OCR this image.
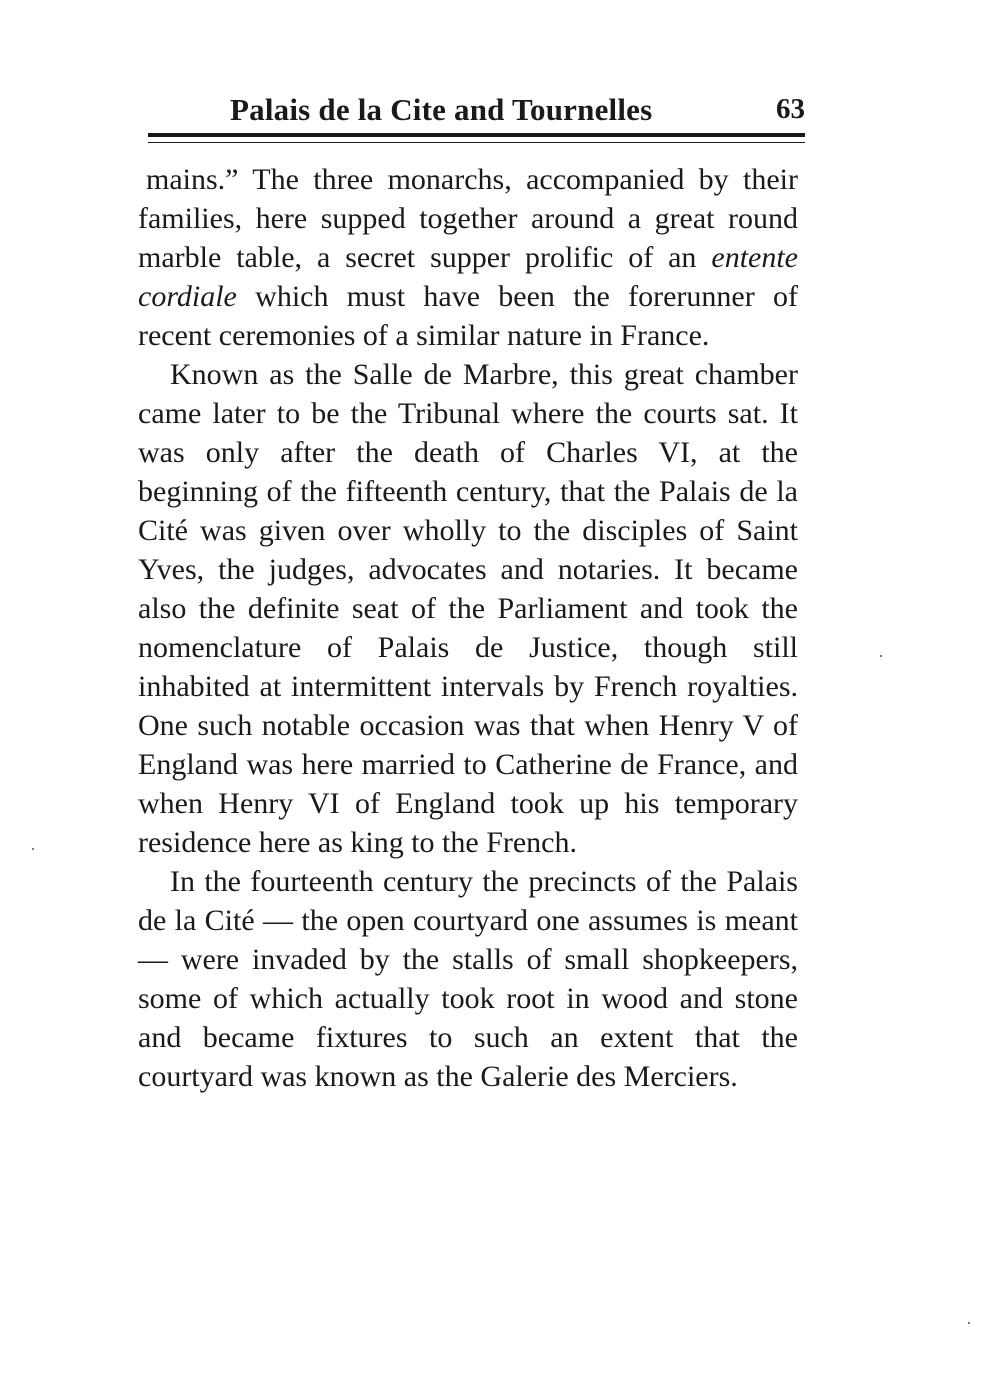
Palais de la Cite and Tournelles	63

mains.” The three monarchs, accompanied by their families, here supped together around a great round marble table, a secret supper prolific of an entente cordiale which must have been the forerunner of recent ceremonies of a similar nature in France.

Known as the Salle de Marbre, this great chamber came later to be the Tribunal where the courts sat. It was only after the death of Charles VI, at the beginning of the fifteenth century, that the Palais de la Cité was given over wholly to the disciples of Saint Yves, the judges, advocates and notaries. It became also the definite seat of the Parliament and took the nomenclature of Palais de Justice, though still inhabited at intermittent intervals by French royalties. One such notable occasion was that when Henry V of England was here married to Catherine de France, and when Henry VI of England took up his temporary residence here as king to the French.

In the fourteenth century the precincts of the Palais de la Cité — the open courtyard one assumes is meant — were invaded by the stalls of small shopkeepers, some of which actually took root in wood and stone and became fixtures to such an extent that the courtyard was known as the Galerie des Merciers.
